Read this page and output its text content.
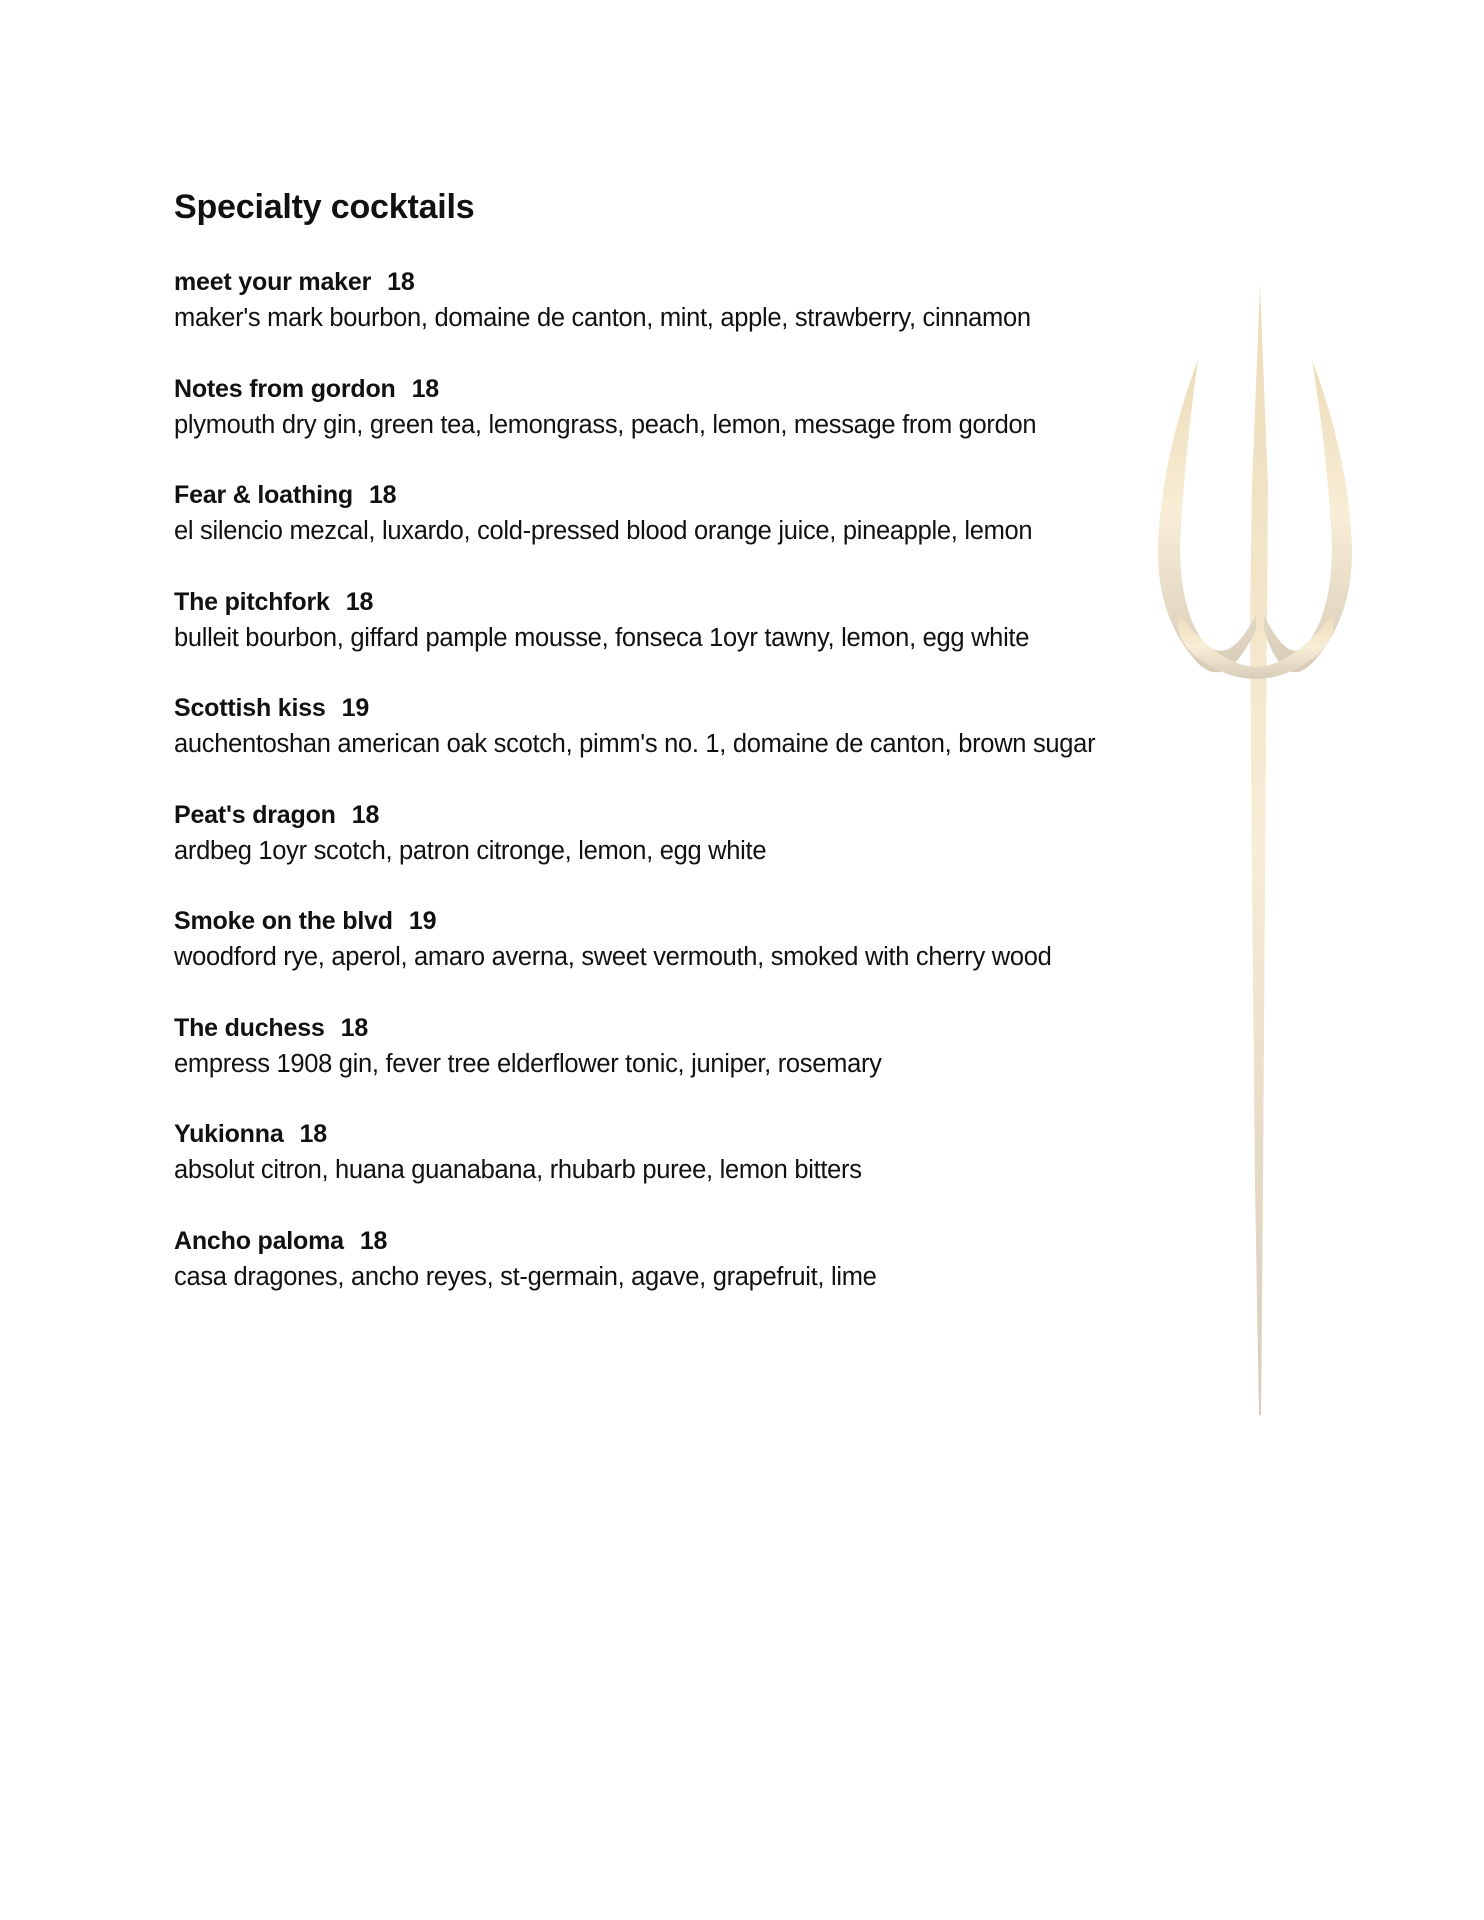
Specialty cocktails
meet your maker 18
maker's mark bourbon, domaine de canton, mint, apple, strawberry, cinnamon
Notes from gordon 18
plymouth dry gin, green tea, lemongrass, peach, lemon, message from gordon
Fear & loathing 18
el silencio mezcal, luxardo, cold-pressed blood orange juice, pineapple, lemon
The pitchfork 18
bulleit bourbon, giffard pample mousse, fonseca 1oyr tawny, lemon, egg white
Scottish kiss 19
auchentoshan american oak scotch, pimm's no. 1, domaine de canton, brown sugar
Peat's dragon 18
ardbeg 1oyr scotch, patron citronge, lemon, egg white
Smoke on the blvd 19
woodford rye, aperol, amaro averna, sweet vermouth, smoked with cherry wood
The duchess 18
empress 1908 gin, fever tree elderflower tonic, juniper, rosemary
Yukionna 18
absolut citron, huana guanabana, rhubarb puree, lemon bitters
Ancho paloma 18
casa dragones, ancho reyes, st-germain, agave, grapefruit, lime
